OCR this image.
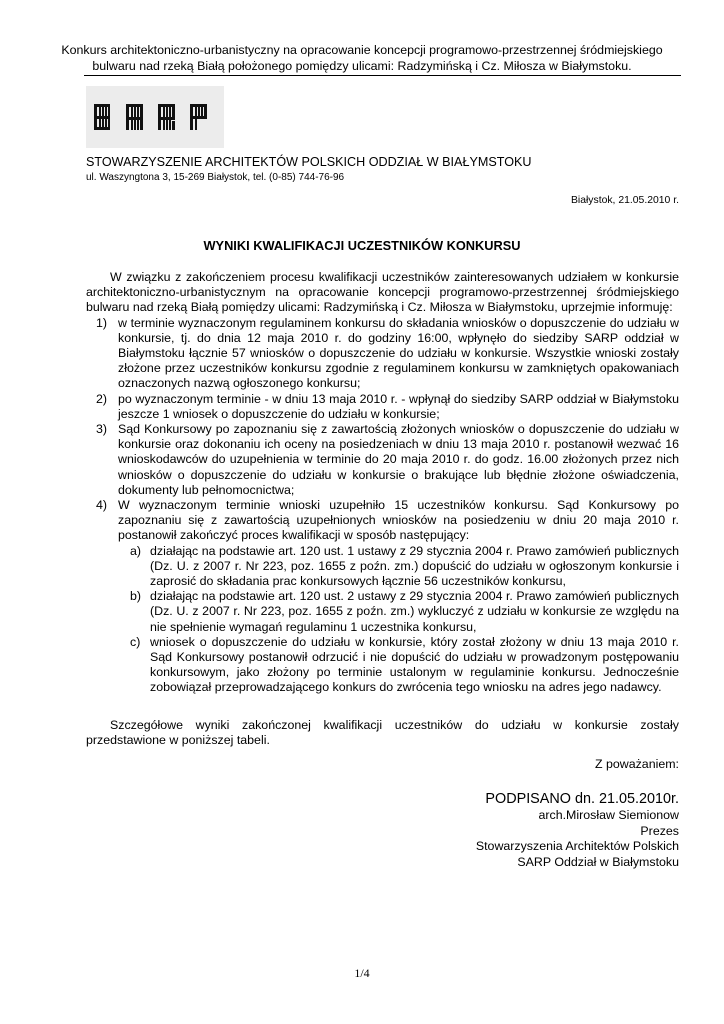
Konkurs architektoniczno-urbanistyczny na opracowanie koncepcji programowo-przestrzennej śródmiejskiego
bulwaru nad rzeką Białą położonego pomiędzy ulicami: Radzymińską i Cz. Miłosza w Białymstoku.
STOWARZYSZENIE ARCHITEKTÓW POLSKICH ODDZIAŁ W BIAŁYMSTOKU
ul. Waszyngtona 3, 15-269 Białystok, tel. (0-85) 744-76-96
Białystok, 21.05.2010 r.
WYNIKI KWALIFIKACJI UCZESTNIKÓW KONKURSU
W związku z zakończeniem procesu kwalifikacji uczestników zainteresowanych udziałem w konkursie architektoniczno-urbanistycznym na opracowanie koncepcji programowo-przestrzennej śródmiejskiego bulwaru nad rzeką Białą pomiędzy ulicami: Radzymińską i Cz. Miłosza w Białymstoku, uprzejmie informuję:
1) w terminie wyznaczonym regulaminem konkursu do składania wniosków o dopuszczenie do udziału w konkursie, tj. do dnia 12 maja 2010 r. do godziny 16:00, wpłynęło do siedziby SARP oddział w Białymstoku łącznie 57 wniosków o dopuszczenie do udziału w konkursie. Wszystkie wnioski zostały złożone przez uczestników konkursu zgodnie z regulaminem konkursu w zamkniętych opakowaniach oznaczonych nazwą ogłoszonego konkursu;
2) po wyznaczonym terminie - w dniu 13 maja 2010 r. - wpłynął do siedziby SARP oddział w Białymstoku jeszcze 1 wniosek o dopuszczenie do udziału w konkursie;
3) Sąd Konkursowy po zapoznaniu się z zawartością złożonych wniosków o dopuszczenie do udziału w konkursie oraz dokonaniu ich oceny na posiedzeniach w dniu 13 maja 2010 r. postanowił wezwać 16 wnioskodawców do uzupełnienia w terminie do 20 maja 2010 r. do godz. 16.00 złożonych przez nich wniosków o dopuszczenie do udziału w konkursie o brakujące lub błędnie złożone oświadczenia, dokumenty lub pełnomocnictwa;
4) W wyznaczonym terminie wnioski uzupełniło 15 uczestników konkursu. Sąd Konkursowy po zapoznaniu się z zawartością uzupełnionych wniosków na posiedzeniu w dniu 20 maja 2010 r. postanowił zakończyć proces kwalifikacji w sposób następujący:
a) działając na podstawie art. 120 ust. 1 ustawy z 29 stycznia 2004 r. Prawo zamówień publicznych (Dz. U. z 2007 r. Nr 223, poz. 1655 z poźn. zm.) dopuścić do udziału w ogłoszonym konkursie i zaprosić do składania prac konkursowych łącznie 56 uczestników konkursu,
b) działając na podstawie art. 120 ust. 2 ustawy z 29 stycznia 2004 r. Prawo zamówień publicznych (Dz. U. z 2007 r. Nr 223, poz. 1655 z poźn. zm.) wykluczyć z udziału w konkursie ze względu na nie spełnienie wymagań regulaminu 1 uczestnika konkursu,
c) wniosek o dopuszczenie do udziału w konkursie, który został złożony w dniu 13 maja 2010 r. Sąd Konkursowy postanowił odrzucić i nie dopuścić do udziału w prowadzonym postępowaniu konkursowym, jako złożony po terminie ustalonym w regulaminie konkursu. Jednocześnie zobowiązał przeprowadzającego konkurs do zwrócenia tego wniosku na adres jego nadawcy.
Szczegółowe wyniki zakończonej kwalifikacji uczestników do udziału w konkursie zostały przedstawione w poniższej tabeli.
Z poważaniem:
PODPISANO dn. 21.05.2010r.
arch.Mirosław Siemionow
Prezes
Stowarzyszenia Architektów Polskich
SARP Oddział w Białymstoku
1/4
